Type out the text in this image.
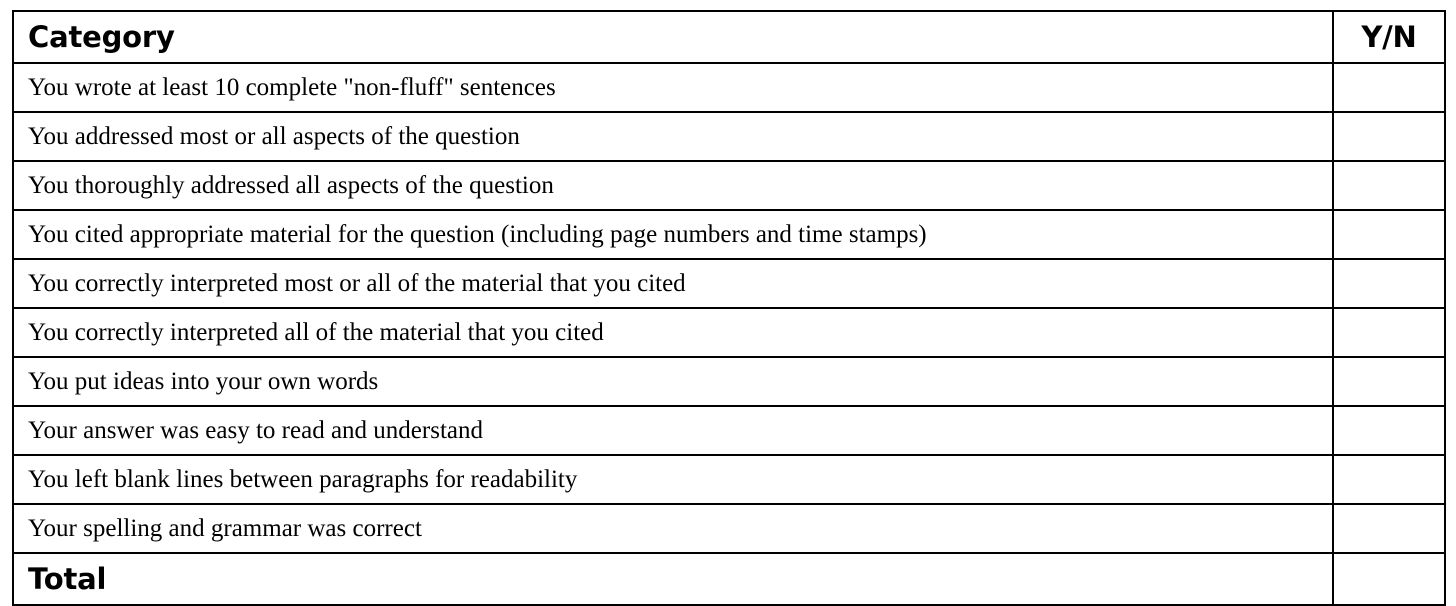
Category	Y/N
You wrote at least 10 complete "non-fluff" sentences	
You addressed most or all aspects of the question	
You thoroughly addressed all aspects of the question	
You cited appropriate material for the question (including page numbers and time stamps)	
You correctly interpreted most or all of the material that you cited	
You correctly interpreted all of the material that you cited	
You put ideas into your own words	
Your answer was easy to read and understand	
You left blank lines between paragraphs for readability	
Your spelling and grammar was correct	
Total	
